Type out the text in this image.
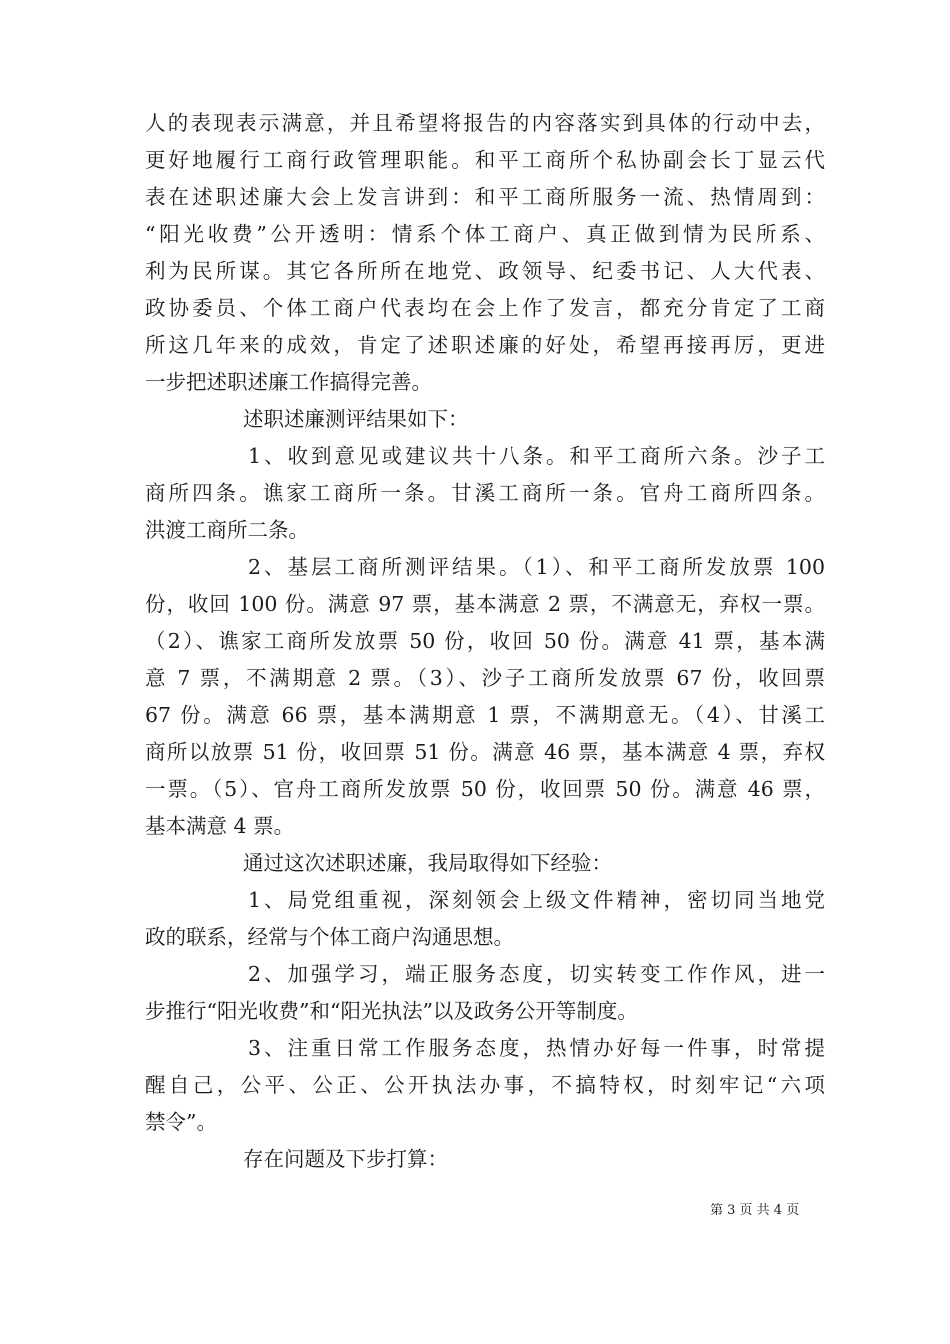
人的表现表示满意，并且希望将报告的内容落实到具体的行动中去，
更好地履行工商行政管理职能。和平工商所个私协副会长丁显云代
表在述职述廉大会上发言讲到：和平工商所服务一流、热情周到：
“阳光收费”公开透明：情系个体工商户、真正做到情为民所系、
利为民所谋。其它各所所在地党、政领导、纪委书记、人大代表、
政协委员、个体工商户代表均在会上作了发言，都充分肯定了工商
所这几年来的成效，肯定了述职述廉的好处，希望再接再厉，更进
一步把述职述廉工作搞得完善。
述职述廉测评结果如下：
1、收到意见或建议共十八条。和平工商所六条。沙子工
商所四条。谯家工商所一条。甘溪工商所一条。官舟工商所四条。
洪渡工商所二条。
2、基层工商所测评结果。（1）、和平工商所发放票 100
份，收回 100 份。满意 97 票，基本满意 2 票，不满意无，弃权一票。
（2）、谯家工商所发放票 50 份，收回 50 份。满意 41 票，基本满
意 7 票，不满期意 2 票。（3）、沙子工商所发放票 67 份，收回票
67 份。满意 66 票，基本满期意 1 票，不满期意无。（4）、甘溪工
商所以放票 51 份，收回票 51 份。满意 46 票，基本满意 4 票，弃权
一票。（5）、官舟工商所发放票 50 份，收回票 50 份。满意 46 票，
基本满意 4 票。
通过这次述职述廉，我局取得如下经验：
1、局党组重视，深刻领会上级文件精神，密切同当地党
政的联系，经常与个体工商户沟通思想。
2、加强学习，端正服务态度，切实转变工作作风，进一
步推行“阳光收费”和“阳光执法”以及政务公开等制度。
3、注重日常工作服务态度，热情办好每一件事，时常提
醒自己，公平、公正、公开执法办事，不搞特权，时刻牢记“六项
禁令”。
存在问题及下步打算：
第 3 页 共 4 页
